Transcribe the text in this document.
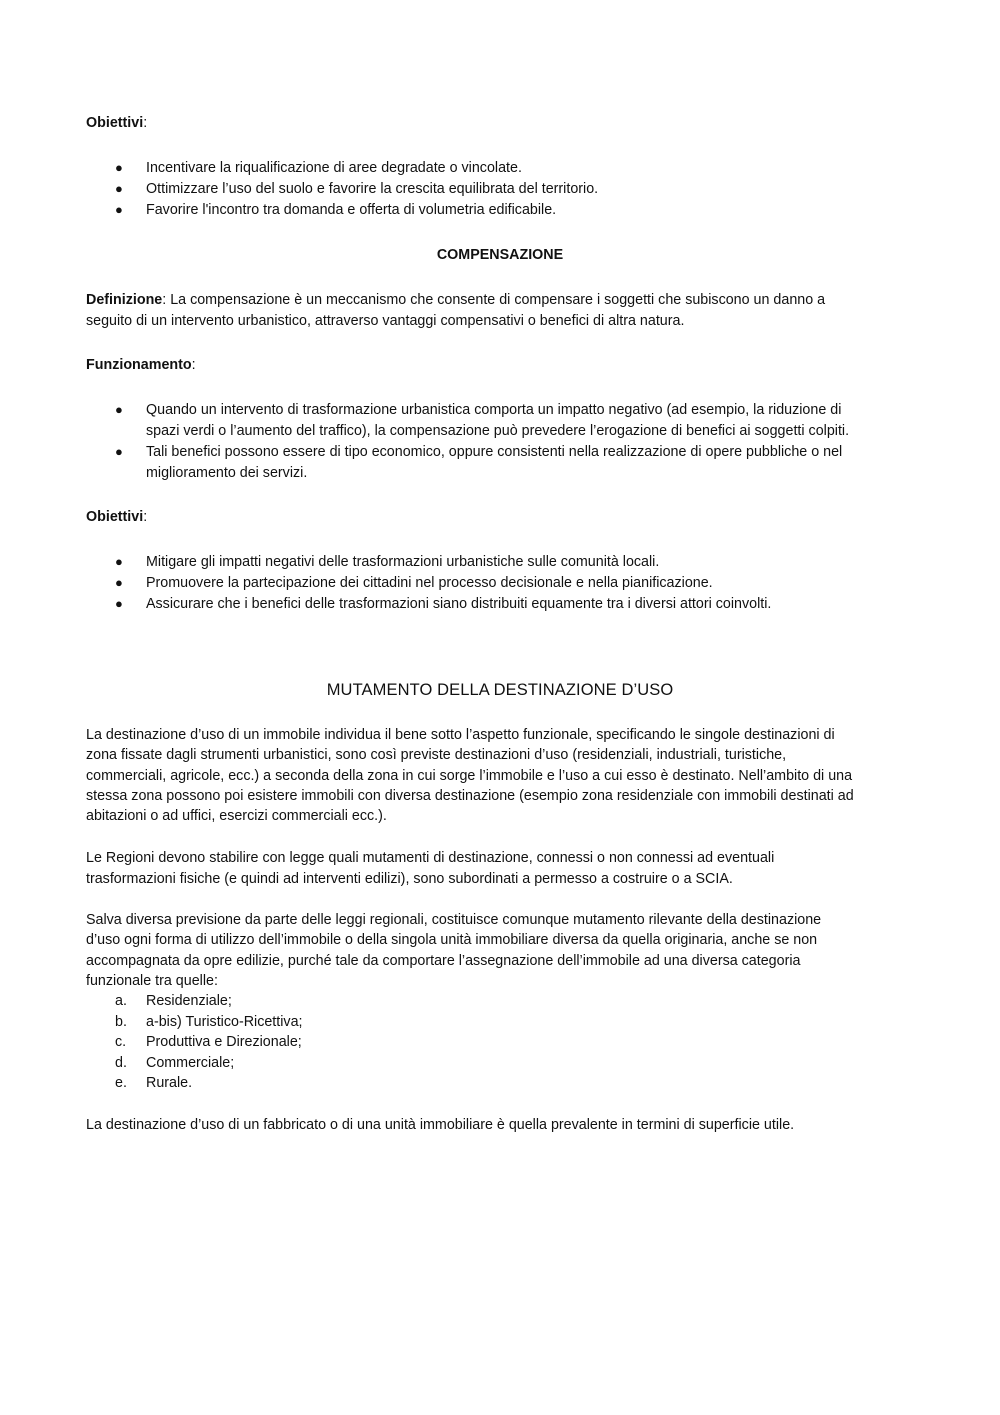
Obiettivi:
● Incentivare la riqualificazione di aree degradate o vincolate.
● Ottimizzare l’uso del suolo e favorire la crescita equilibrata del territorio.
● Favorire l'incontro tra domanda e offerta di volumetria edificabile.
COMPENSAZIONE
Definizione: La compensazione è un meccanismo che consente di compensare i soggetti che subiscono un danno a
seguito di un intervento urbanistico, attraverso vantaggi compensativi o benefici di altra natura.
Funzionamento:
● Quando un intervento di trasformazione urbanistica comporta un impatto negativo (ad esempio, la riduzione di
spazi verdi o l’aumento del traffico), la compensazione può prevedere l’erogazione di benefici ai soggetti colpiti.
● Tali benefici possono essere di tipo economico, oppure consistenti nella realizzazione di opere pubbliche o nel
miglioramento dei servizi.
Obiettivi:
● Mitigare gli impatti negativi delle trasformazioni urbanistiche sulle comunità locali.
● Promuovere la partecipazione dei cittadini nel processo decisionale e nella pianificazione.
● Assicurare che i benefici delle trasformazioni siano distribuiti equamente tra i diversi attori coinvolti.
MUTAMENTO DELLA DESTINAZIONE D’USO
La destinazione d’uso di un immobile individua il bene sotto l’aspetto funzionale, specificando le singole destinazioni di
zona fissate dagli strumenti urbanistici, sono così previste destinazioni d’uso (residenziali, industriali, turistiche,
commerciali, agricole, ecc.) a seconda della zona in cui sorge l’immobile e l’uso a cui esso è destinato. Nell’ambito di una
stessa zona possono poi esistere immobili con diversa destinazione (esempio zona residenziale con immobili destinati ad
abitazioni o ad uffici, esercizi commerciali ecc.).
Le Regioni devono stabilire con legge quali mutamenti di destinazione, connessi o non connessi ad eventuali
trasformazioni fisiche (e quindi ad interventi edilizi), sono subordinati a permesso a costruire o a SCIA.
Salva diversa previsione da parte delle leggi regionali, costituisce comunque mutamento rilevante della destinazione
d’uso ogni forma di utilizzo dell’immobile o della singola unità immobiliare diversa da quella originaria, anche se non
accompagnata da opre edilizie, purché tale da comportare l’assegnazione dell’immobile ad una diversa categoria
funzionale tra quelle:
a. Residenziale;
b. a-bis) Turistico-Ricettiva;
c. Produttiva e Direzionale;
d. Commerciale;
e. Rurale.
La destinazione d’uso di un fabbricato o di una unità immobiliare è quella prevalente in termini di superficie utile.
